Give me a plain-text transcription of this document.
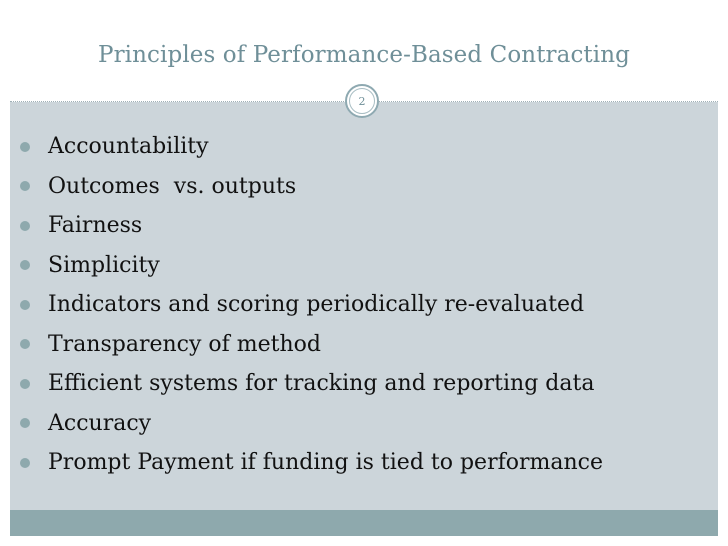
Principles of Performance-Based Contracting
2
Accountability
Outcomes  vs. outputs
Fairness
Simplicity
Indicators and scoring periodically re-evaluated
Transparency of method
Efficient systems for tracking and reporting data
Accuracy
Prompt Payment if funding is tied to performance
